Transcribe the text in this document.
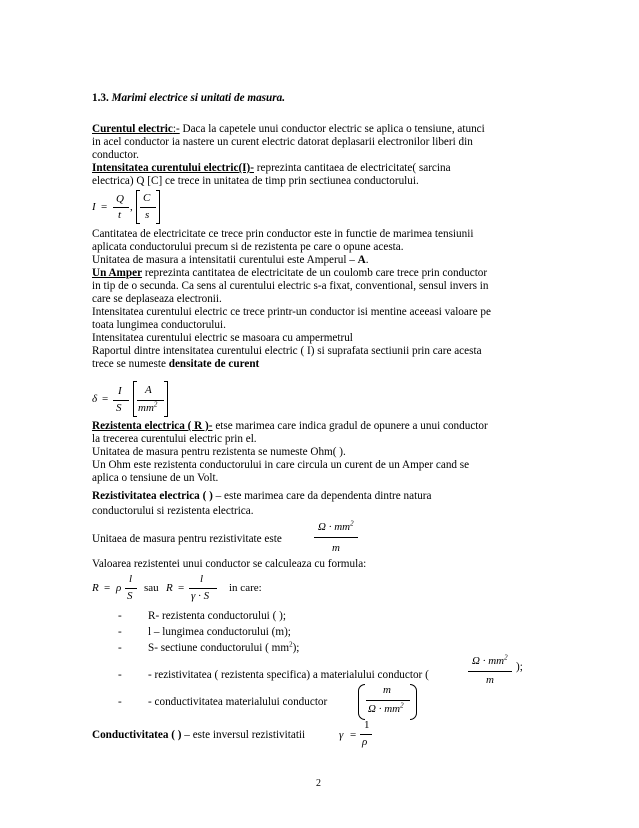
1.3. Marimi electrice si unitati de masura.
Curentul electric:- Daca la capetele unui conductor electric se aplica o tensiune, atunci
in acel conductor ia nastere un curent electric datorat deplasarii electronilor liberi din
conductor.
Intensitatea curentului electric(I)- reprezinta cantitaea de electricitate( sarcina
electrica) Q [C] ce trece in unitatea de timp prin sectiunea conductorului.
I =
Q
t
,
C
s
Cantitatea de electricitate ce trece prin conductor este in functie de marimea tensiunii
aplicata conductorului precum si de rezistenta pe care o opune acesta.
Unitatea de masura a intensitatii curentului este Amperul – A.
Un Amper reprezinta cantitatea de electricitate de un coulomb care trece prin conductor
in tip de o secunda. Ca sens al curentului electric s-a fixat, conventional, sensul invers in
care se deplaseaza electronii.
Intensitatea curentului electric ce trece printr-un conductor isi mentine aceeasi valoare pe
toata lungimea conductorului.
Intensitatea curentului electric se masoara cu ampermetrul
Raportul dintre intensitatea curentului electric ( I) si suprafata sectiunii prin care acesta
trece se numeste densitate de curent
δ =
I
S
A
$mm^2$
Rezistenta electrica ( R )- etse marimea care indica gradul de opunere a unui conductor
la trecerea curentului electric prin el.
Unitatea de masura pentru rezistenta se numeste Ohm( ).
Un Ohm este rezistenta conductorului in care circula un curent de un Amper cand se
aplica o tensiune de un Volt.
Rezistivitatea electrica ( ) – este marimea care da dependenta dintre natura
conductorului si rezistenta electrica.
Unitaea de masura pentru rezistivitate este
$\Omega \cdot mm^2$
m
Valoarea rezistentei unui conductor se calculeaza cu formula:
R = ρ
l
S
sau R =
l
γ · S
in care:
- R- rezistenta conductorului ( );
- l – lungimea conductorului (m);
- S- sectiune conductorului ( $mm^2$);
- - rezistivitatea ( rezistenta specifica) a materialului conductor (
$\Omega \cdot mm^2$
m
);
- - conductivitatea materialului conductor
m
$\Omega \cdot mm^2$
Conductivitatea ( ) – este inversul rezistivitatii	γ =
1
ρ
2
